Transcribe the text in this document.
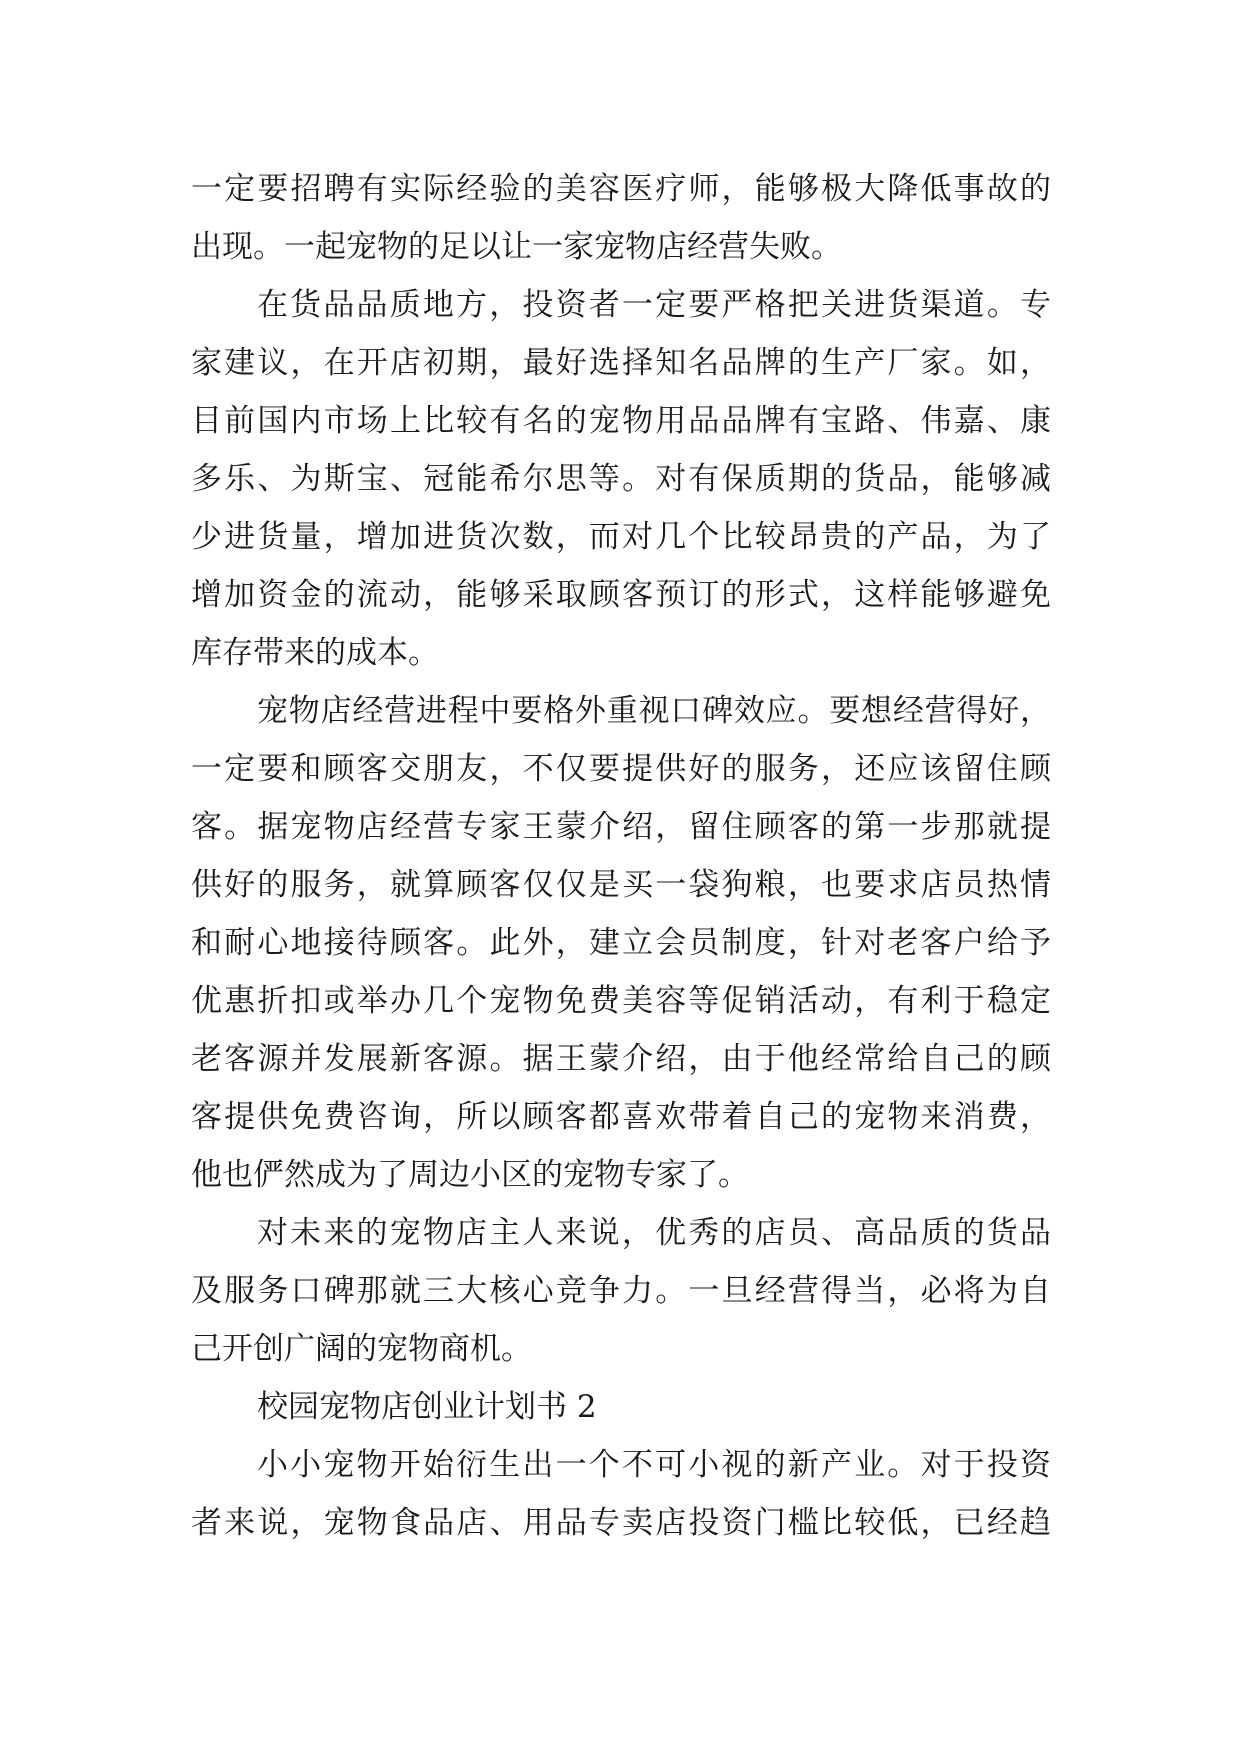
一定要招聘有实际经验的美容医疗师，能够极大降低事故的
出现。一起宠物的足以让一家宠物店经营失败。
在货品品质地方，投资者一定要严格把关进货渠道。专
家建议，在开店初期，最好选择知名品牌的生产厂家。如，
目前国内市场上比较有名的宠物用品品牌有宝路、伟嘉、康
多乐、为斯宝、冠能希尔思等。对有保质期的货品，能够减
少进货量，增加进货次数，而对几个比较昂贵的产品，为了
增加资金的流动，能够采取顾客预订的形式，这样能够避免
库存带来的成本。
宠物店经营进程中要格外重视口碑效应。要想经营得好，
一定要和顾客交朋友，不仅要提供好的服务，还应该留住顾
客。据宠物店经营专家王蒙介绍，留住顾客的第一步那就提
供好的服务，就算顾客仅仅是买一袋狗粮，也要求店员热情
和耐心地接待顾客。此外，建立会员制度，针对老客户给予
优惠折扣或举办几个宠物免费美容等促销活动，有利于稳定
老客源并发展新客源。据王蒙介绍，由于他经常给自己的顾
客提供免费咨询，所以顾客都喜欢带着自己的宠物来消费，
他也俨然成为了周边小区的宠物专家了。
对未来的宠物店主人来说，优秀的店员、高品质的货品
及服务口碑那就三大核心竞争力。一旦经营得当，必将为自
己开创广阔的宠物商机。
校园宠物店创业计划书 2
小小宠物开始衍生出一个不可小视的新产业。对于投资
者来说，宠物食品店、用品专卖店投资门槛比较低，已经趋
